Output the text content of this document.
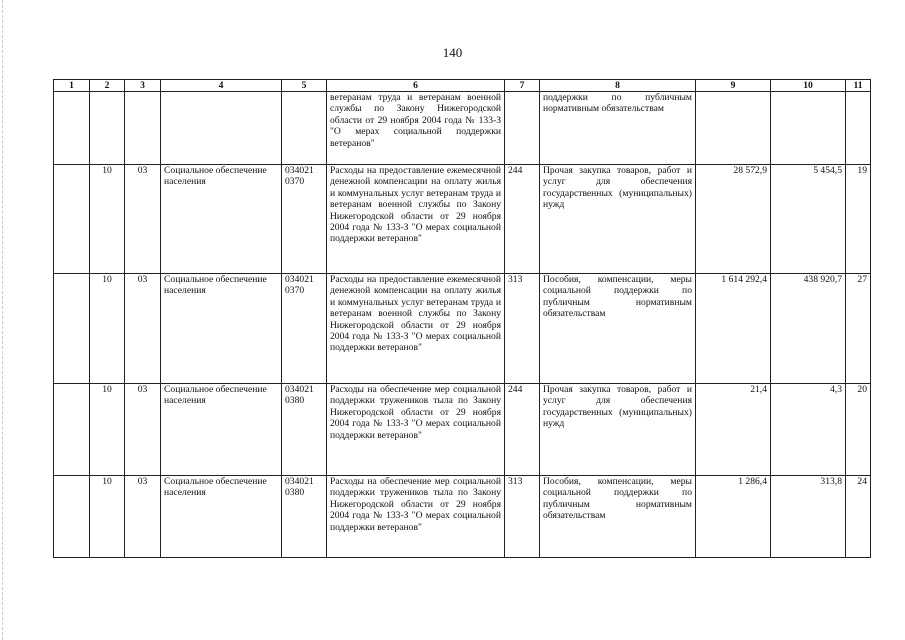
140
1	2	3	4	5	6	7	8	9	10	11
					ветеранам труда и ветеранам военной службы по Закону Нижегородской области от 29 ноября 2004 года № 133-З "О мерах социальной поддержки ветеранов"		поддержки по публичным нормативным обязательствам			
	10	03	Социальное обеспечение населения	034021 0370	Расходы на предоставление ежемесячной денежной компенсации на оплату жилья и коммунальных услуг ветеранам труда и ветеранам военной службы по Закону Нижегородской области от 29 ноября 2004 года № 133-З "О мерах социальной поддержки ветеранов"	244	Прочая закупка товаров, работ и услуг для обеспечения государственных (муниципальных) нужд	28 572,9	5 454,5	19
	10	03	Социальное обеспечение населения	034021 0370	Расходы на предоставление ежемесячной денежной компенсации на оплату жилья и коммунальных услуг ветеранам труда и ветеранам военной службы по Закону Нижегородской области от 29 ноября 2004 года № 133-З "О мерах социальной поддержки ветеранов"	313	Пособия, компенсации, меры социальной поддержки по публичным нормативным обязательствам	1 614 292,4	438 920,7	27
	10	03	Социальное обеспечение населения	034021 0380	Расходы на обеспечение мер социальной поддержки тружеников тыла по Закону Нижегородской области от 29 ноября 2004 года № 133-З "О мерах социальной поддержки ветеранов"	244	Прочая закупка товаров, работ и услуг для обеспечения государственных (муниципальных) нужд	21,4	4,3	20
	10	03	Социальное обеспечение населения	034021 0380	Расходы на обеспечение мер социальной поддержки тружеников тыла по Закону Нижегородской области от 29 ноября 2004 года № 133-З "О мерах социальной поддержки ветеранов"	313	Пособия, компенсации, меры социальной поддержки по публичным нормативным обязательствам	1 286,4	313,8	24
